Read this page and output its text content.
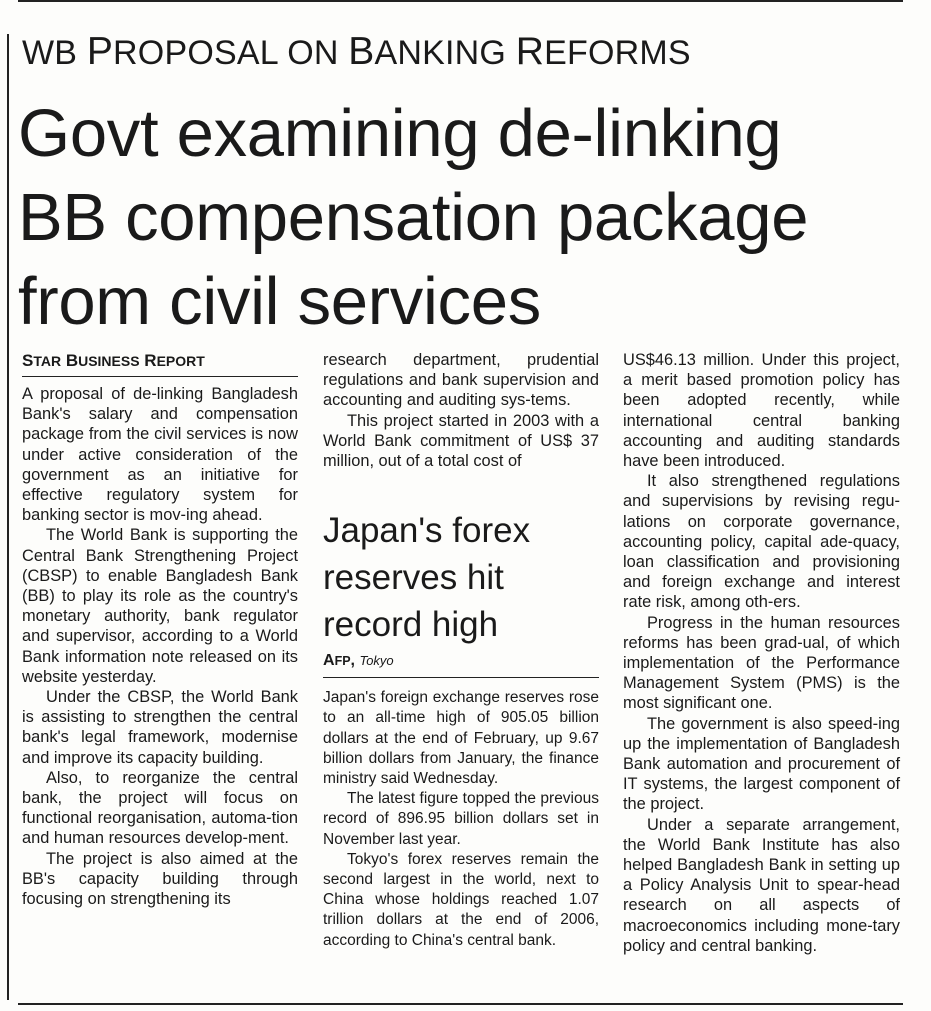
WB PROPOSAL ON BANKING REFORMS
Govt examining de-linking
BB compensation package
from civil services
STAR BUSINESS REPORT

A proposal of de-linking Bangladesh Bank's salary and compensation package from the civil services is now under active consideration of the government as an initiative for effective regulatory system for banking sector is mov-ing ahead.

The World Bank is supporting the Central Bank Strengthening Project (CBSP) to enable Bangladesh Bank (BB) to play its role as the country's monetary authority, bank regulator and supervisor, according to a World Bank information note released on its website yesterday.

Under the CBSP, the World Bank is assisting to strengthen the central bank's legal framework, modernise and improve its capacity building.

Also, to reorganize the central bank, the project will focus on functional reorganisation, automa-tion and human resources develop-ment.

The project is also aimed at the BB's capacity building through focusing on strengthening its

research department, prudential regulations and bank supervision and accounting and auditing sys-tems.

This project started in 2003 with a World Bank commitment of US$ 37 million, out of a total cost of

Japan's forex reserves hit record high
AFP, Tokyo

Japan's foreign exchange reserves rose to an all-time high of 905.05 billion dollars at the end of February, up 9.67 billion dollars from January, the finance ministry said Wednesday.

The latest figure topped the previous record of 896.95 billion dollars set in November last year.

Tokyo's forex reserves remain the second largest in the world, next to China whose holdings reached 1.07 trillion dollars at the end of 2006, according to China's central bank.

US$46.13 million. Under this project, a merit based promotion policy has been adopted recently, while international central banking accounting and auditing standards have been introduced.

It also strengthened regulations and supervisions by revising regu-lations on corporate governance, accounting policy, capital ade-quacy, loan classification and provisioning and foreign exchange and interest rate risk, among oth-ers.

Progress in the human resources reforms has been grad-ual, of which implementation of the Performance Management System (PMS) is the most significant one.

The government is also speed-ing up the implementation of Bangladesh Bank automation and procurement of IT systems, the largest component of the project.

Under a separate arrangement, the World Bank Institute has also helped Bangladesh Bank in setting up a Policy Analysis Unit to spear-head research on all aspects of macroeconomics including mone-tary policy and central banking.
